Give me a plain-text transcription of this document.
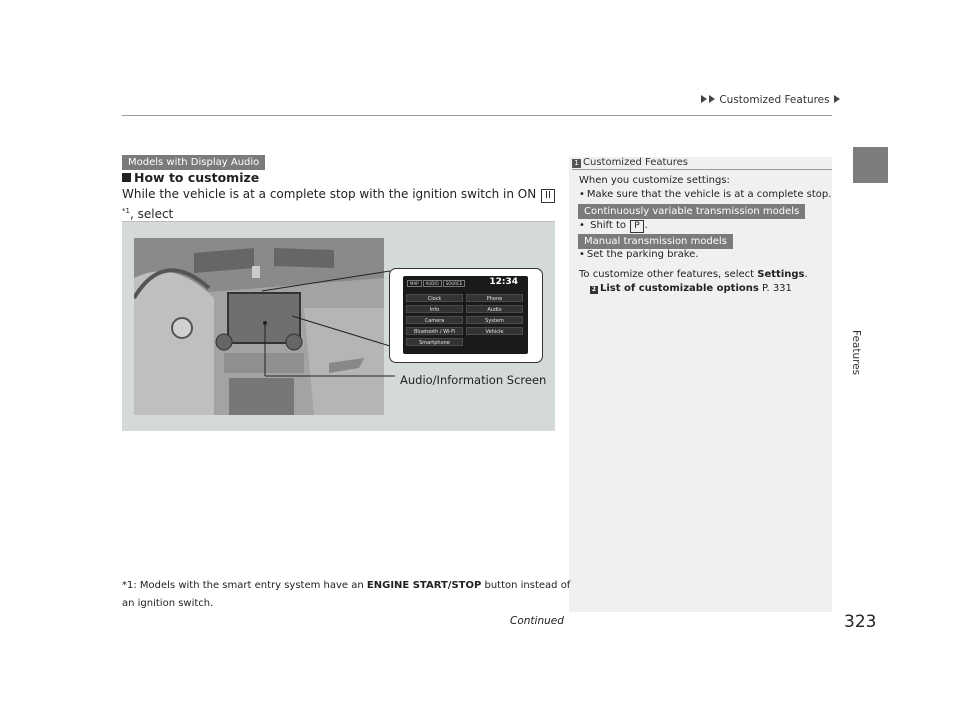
Customized Features
Features
Models with Display Audio
How to customize
While the vehicle is at a complete stop with the ignition switch in ON II$^{*1}$, select

MAP AUDIO SOURCE	12:34
Clock	Phone
Info	Audio
Camera	System
Bluetooth / Wi-Fi	Vehicle
Smartphone
Audio/Information Screen
1 Customized Features
When you customize settings:
• Make sure that the vehicle is at a complete stop.
Continuously variable transmission models
• Shift to P .
Manual transmission models
• Set the parking brake.
To customize other features, select Settings.
2 List of customizable options P. 331
*1: Models with the smart entry system have an ENGINE START/STOP button instead of an ignition switch.
Continued	323
